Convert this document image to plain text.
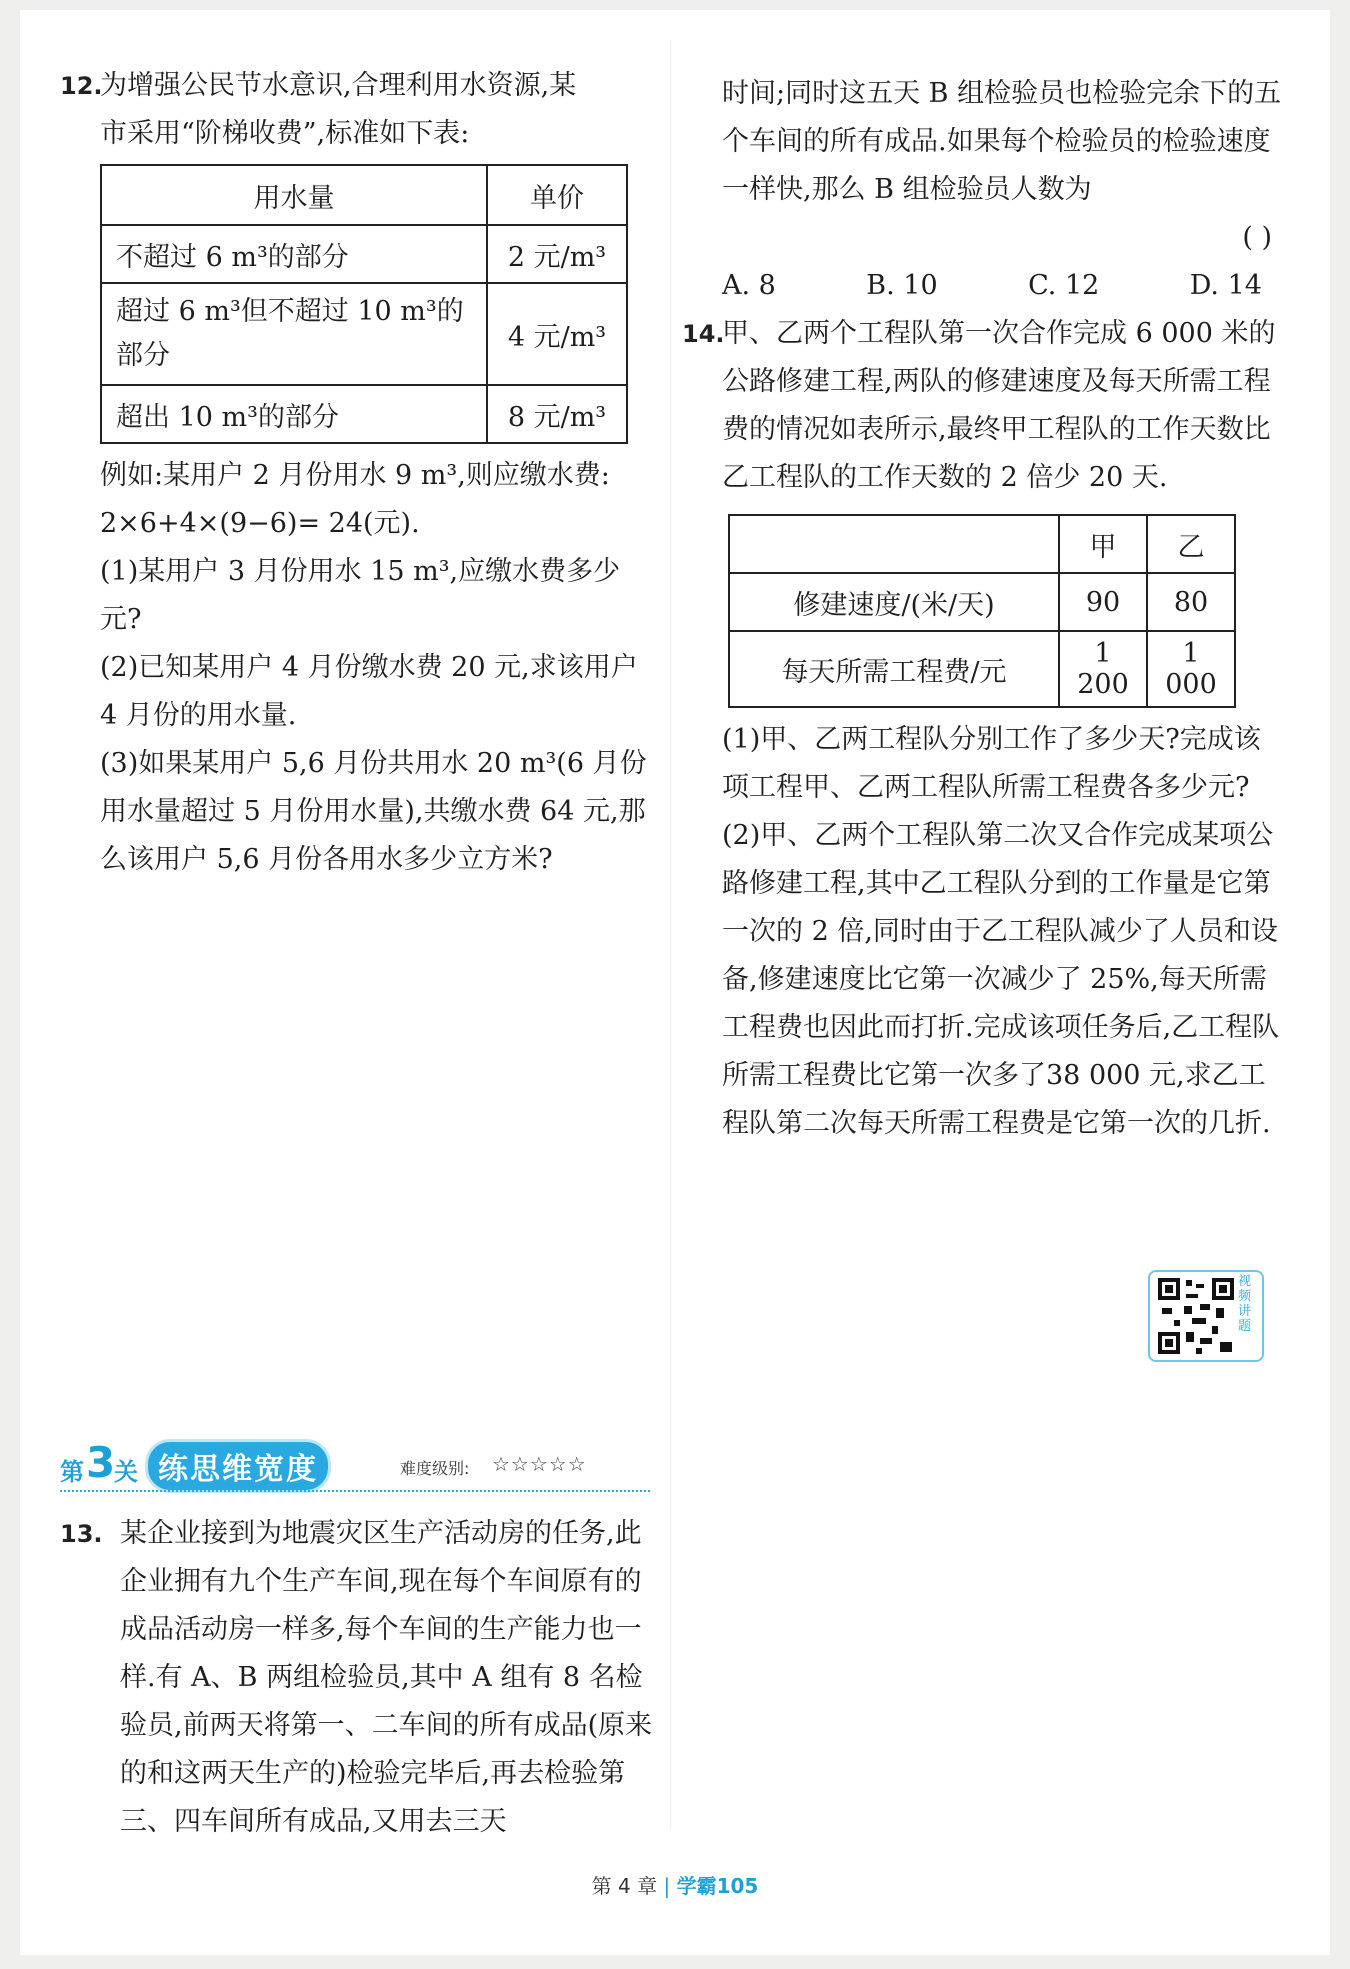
12.

为增强公民节水意识,合理利用水资源,某

市采用“阶梯收费”,标准如下表:

用水量	单价
不超过 6 m³的部分	2 元/m³
超过 6 m³但不超过 10 m³的部分	4 元/m³
超出 10 m³的部分	8 元/m³

例如:某用户 2 月份用水 9 m³,则应缴水费:

2×6+4×(9−6)= 24(元).

(1)某用户 3 月份用水 15 m³,应缴水费多少元?

(2)已知某用户 4 月份缴水费 20 元,求该用户 4 月份的用水量.

(3)如果某用户 5,6 月份共用水 20 m³(6 月份用水量超过 5 月份用水量),共缴水费 64 元,那么该用户 5,6 月份各用水多少立方米?

时间;同时这五天 B 组检验员也检验完余下的五个车间的所有成品.如果每个检验员的检验速度一样快,那么 B 组检验员人数为

( )
A. 8	B. 10	C. 12	D. 14
14.

甲、乙两个工程队第一次合作完成 6 000 米的公路修建工程,两队的修建速度及每天所需工程费的情况如表所示,最终甲工程队的工作天数比乙工程队的工作天数的 2 倍少 20 天.

	甲	乙
修建速度/(米/天)	90	80
每天所需工程费/元	1 200	1 000

(1)甲、乙两工程队分别工作了多少天?完成该项工程甲、乙两工程队所需工程费各多少元?

(2)甲、乙两个工程队第二次又合作完成某项公路修建工程,其中乙工程队分到的工作量是它第一次的 2 倍,同时由于乙工程队减少了人员和设备,修建速度比它第一次减少了 25%,每天所需工程费也因此而打折.完成该项任务后,乙工程队所需工程费比它第一次多了38 000 元,求乙工程队第二次每天所需工程费是它第一次的几折.

视频讲题
第 3
关 练思维宽度	难度级别: ☆☆☆☆☆
13. 某企业接到为地震灾区生产活动房的任务,此企业拥有九个生产车间,现在每个车间原有的成品活动房一样多,每个车间的生产能力也一样.有 A、B 两组检验员,其中 A 组有 8 名检验员,前两天将第一、二车间的所有成品(原来的和这两天生产的)检验完毕后,再去检验第三、四车间所有成品,又用去三天

第 4 章 | 学霸105
